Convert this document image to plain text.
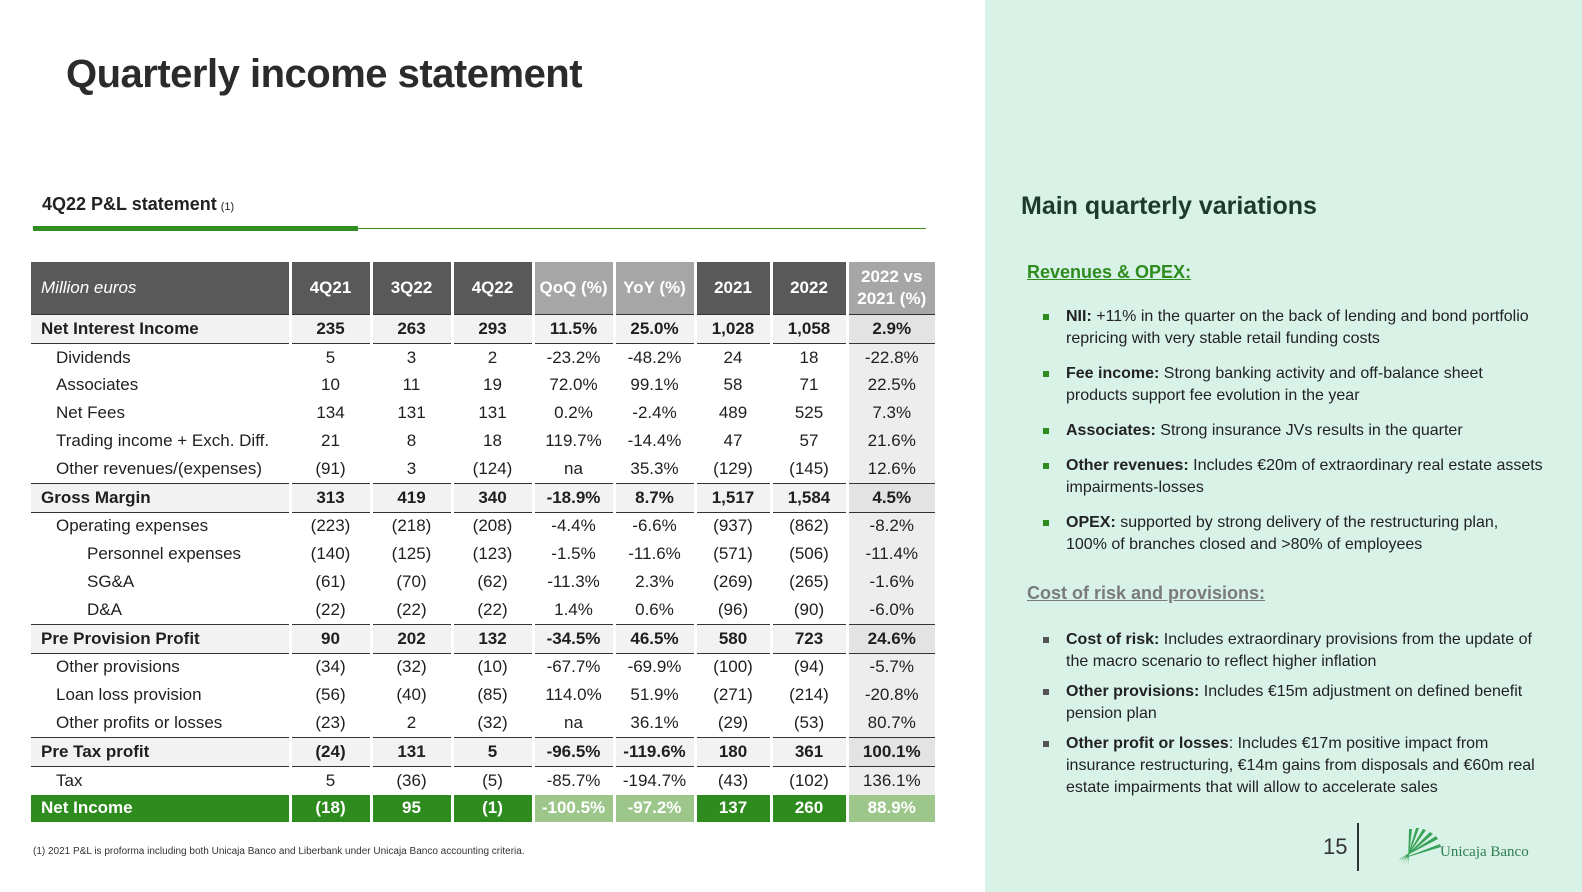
Quarterly income statement
4Q22 P&L statement (1)
Million euros	4Q21	3Q22	4Q22	QoQ (%)	YoY (%)	2021	2022	2022 vs 2021 (%)
Net Interest Income	235	263	293	11.5%	25.0%	1,028	1,058	2.9%
Dividends	5	3	2	-23.2%	-48.2%	24	18	-22.8%
Associates	10	11	19	72.0%	99.1%	58	71	22.5%
Net Fees	134	131	131	0.2%	-2.4%	489	525	7.3%
Trading income + Exch. Diff.	21	8	18	119.7%	-14.4%	47	57	21.6%
Other revenues/(expenses)	(91)	3	(124)	na	35.3%	(129)	(145)	12.6%
Gross Margin	313	419	340	-18.9%	8.7%	1,517	1,584	4.5%
Operating expenses	(223)	(218)	(208)	-4.4%	-6.6%	(937)	(862)	-8.2%
Personnel expenses	(140)	(125)	(123)	-1.5%	-11.6%	(571)	(506)	-11.4%
SG&A	(61)	(70)	(62)	-11.3%	2.3%	(269)	(265)	-1.6%
D&A	(22)	(22)	(22)	1.4%	0.6%	(96)	(90)	-6.0%
Pre Provision Profit	90	202	132	-34.5%	46.5%	580	723	24.6%
Other provisions	(34)	(32)	(10)	-67.7%	-69.9%	(100)	(94)	-5.7%
Loan loss provision	(56)	(40)	(85)	114.0%	51.9%	(271)	(214)	-20.8%
Other profits or losses	(23)	2	(32)	na	36.1%	(29)	(53)	80.7%
Pre Tax profit	(24)	131	5	-96.5%	-119.6%	180	361	100.1%
Tax	5	(36)	(5)	-85.7%	-194.7%	(43)	(102)	136.1%
Net Income	(18)	95	(1)	-100.5%	-97.2%	137	260	88.9%
(1) 2021 P&L is proforma including both Unicaja Banco and Liberbank under Unicaja Banco accounting criteria.
Main quarterly variations
Revenues & OPEX:
NII: +11% in the quarter on the back of lending and bond portfolio repricing with very stable retail funding costs
Fee income: Strong banking activity and off-balance sheet products support fee evolution in the year
Associates: Strong insurance JVs results in the quarter
Other revenues: Includes €20m of extraordinary real estate assets impairments-losses
OPEX: supported by strong delivery of the restructuring plan, 100% of branches closed and >80% of employees
Cost of risk and provisions:
Cost of risk: Includes extraordinary provisions from the update of the macro scenario to reflect higher inflation
Other provisions: Includes €15m adjustment on defined benefit pension plan
Other profit or losses: Includes €17m positive impact from insurance restructuring, €14m gains from disposals and €60m real estate impairments that will allow to accelerate sales
15	Unicaja Banco
